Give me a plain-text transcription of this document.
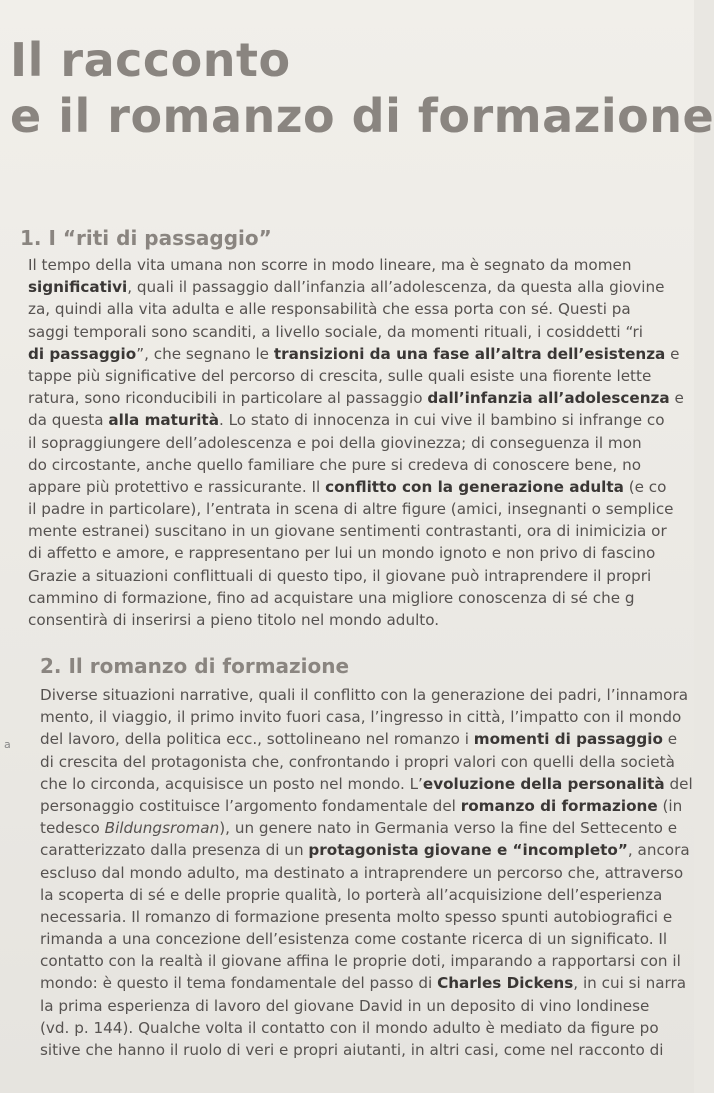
Il racconto
e il romanzo di formazione
1. I “riti di passaggio”
Il tempo della vita umana non scorre in modo lineare, ma è segnato da momen
significativi, quali il passaggio dall’infanzia all’adolescenza, da questa alla giovine
za, quindi alla vita adulta e alle responsabilità che essa porta con sé. Questi pa
saggi temporali sono scanditi, a livello sociale, da momenti rituali, i cosiddetti “ri
di passaggio”, che segnano le transizioni da una fase all’altra dell’esistenza e
tappe più significative del percorso di crescita, sulle quali esiste una fiorente lette
ratura, sono riconducibili in particolare al passaggio dall’infanzia all’adolescenza e
da questa alla maturità. Lo stato di innocenza in cui vive il bambino si infrange co
il sopraggiungere dell’adolescenza e poi della giovinezza; di conseguenza il mon
do circostante, anche quello familiare che pure si credeva di conoscere bene, no
appare più protettivo e rassicurante. Il conflitto con la generazione adulta (e co
il padre in particolare), l’entrata in scena di altre figure (amici, insegnanti o semplice
mente estranei) suscitano in un giovane sentimenti contrastanti, ora di inimicizia or
di affetto e amore, e rappresentano per lui un mondo ignoto e non privo di fascino
Grazie a situazioni conflittuali di questo tipo, il giovane può intraprendere il propri
cammino di formazione, fino ad acquistare una migliore conoscenza di sé che g
consentirà di inserirsi a pieno titolo nel mondo adulto.
2. Il romanzo di formazione
Diverse situazioni narrative, quali il conflitto con la generazione dei padri, l’innamora
mento, il viaggio, il primo invito fuori casa, l’ingresso in città, l’impatto con il mondo
del lavoro, della politica ecc., sottolineano nel romanzo i momenti di passaggio e
di crescita del protagonista che, confrontando i propri valori con quelli della società
che lo circonda, acquisisce un posto nel mondo. L’evoluzione della personalità del
personaggio costituisce l’argomento fondamentale del romanzo di formazione (in
tedesco Bildungsroman), un genere nato in Germania verso la fine del Settecento e
caratterizzato dalla presenza di un protagonista giovane e “incompleto”, ancora
escluso dal mondo adulto, ma destinato a intraprendere un percorso che, attraverso
la scoperta di sé e delle proprie qualità, lo porterà all’acquisizione dell’esperienza
necessaria. Il romanzo di formazione presenta molto spesso spunti autobiografici e
rimanda a una concezione dell’esistenza come costante ricerca di un significato. Il
contatto con la realtà il giovane affina le proprie doti, imparando a rapportarsi con il
mondo: è questo il tema fondamentale del passo di Charles Dickens, in cui si narra
la prima esperienza di lavoro del giovane David in un deposito di vino londinese
(vd. p. 144). Qualche volta il contatto con il mondo adulto è mediato da figure po
sitive che hanno il ruolo di veri e propri aiutanti, in altri casi, come nel racconto di
a
